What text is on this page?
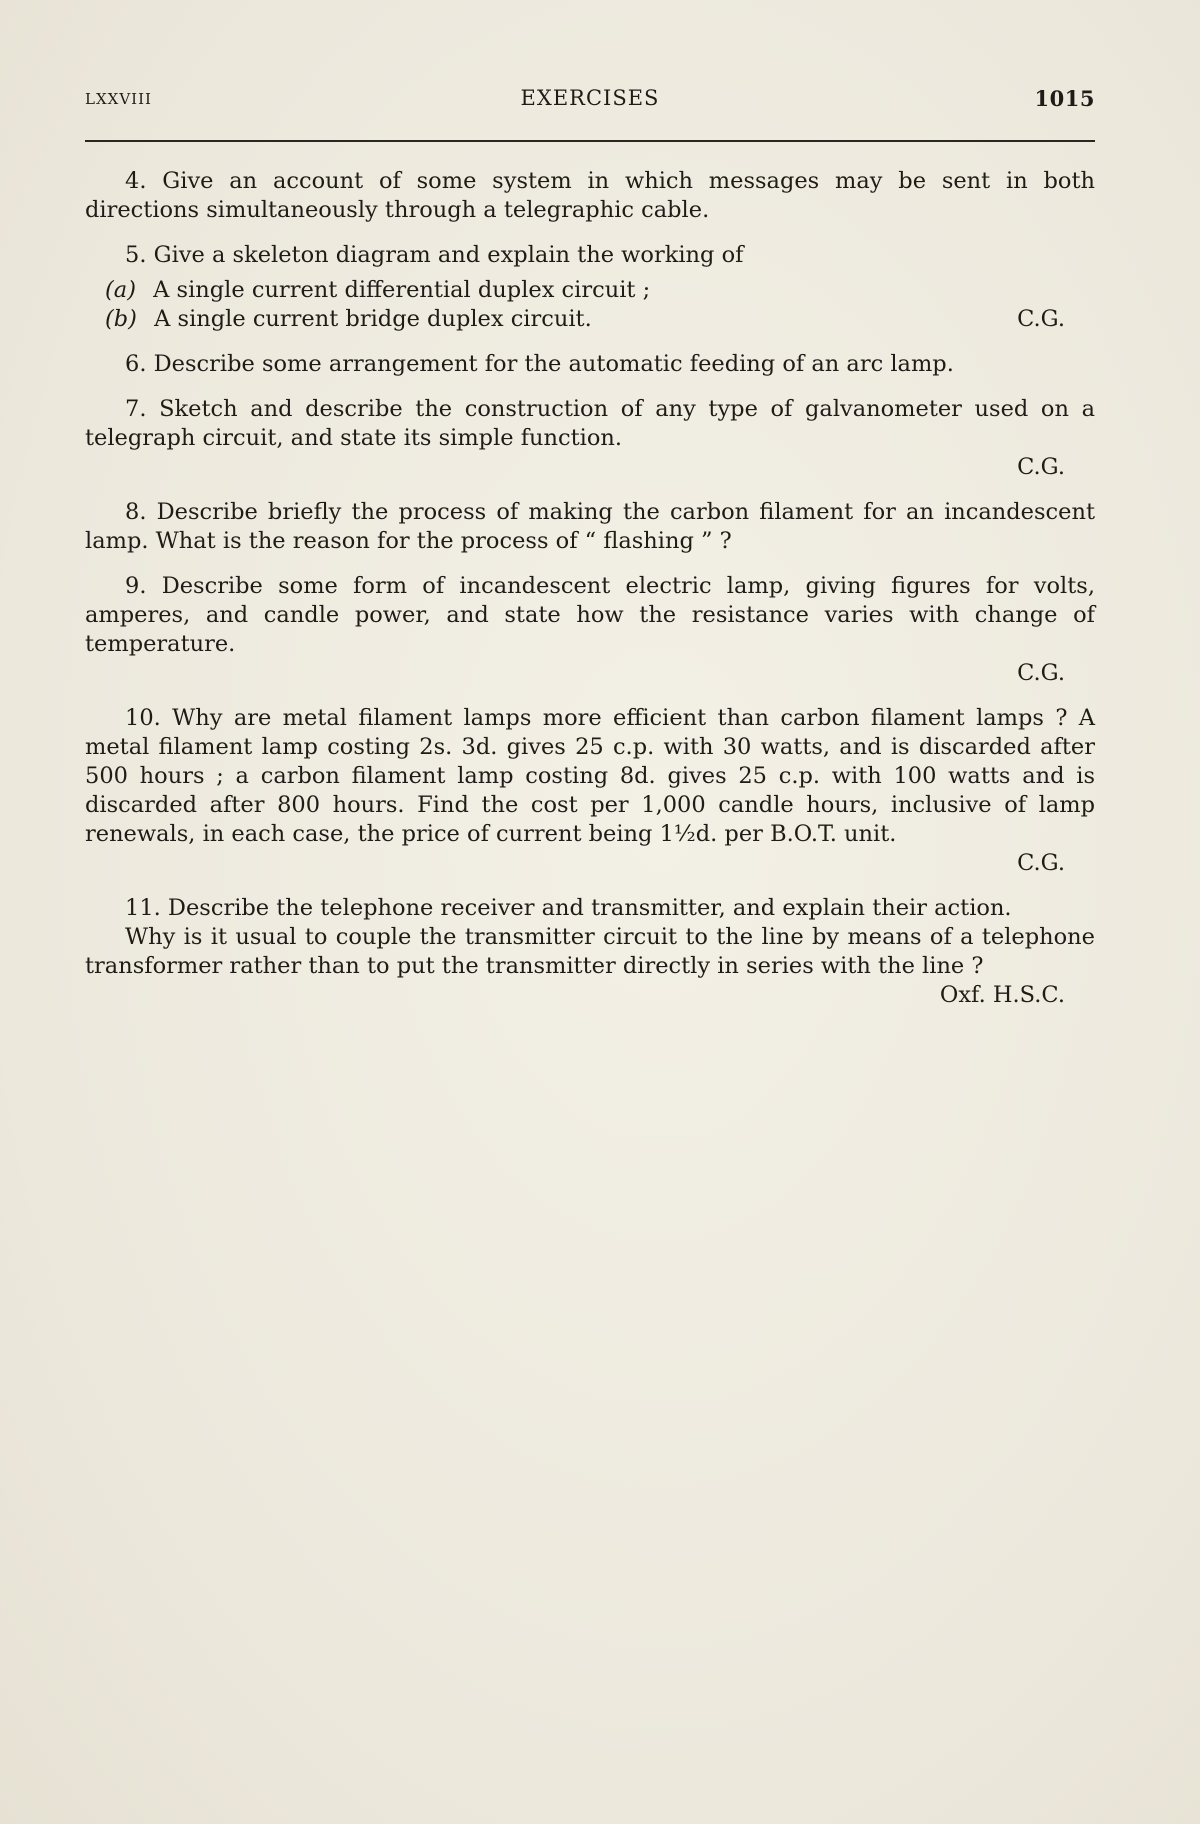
LXXVIII	EXERCISES	1015

4. Give an account of some system in which messages may be sent in both directions simultaneously through a telegraphic cable.

5. Give a skeleton diagram and explain the working of

(a) A single current differential duplex circuit ;
(b) A single current bridge duplex circuit.	C.G.

6. Describe some arrangement for the automatic feeding of an arc lamp.

7. Sketch and describe the construction of any type of galvanometer used on a telegraph circuit, and state its simple function.

C.G.

8. Describe briefly the process of making the carbon filament for an incandescent lamp. What is the reason for the process of “ flashing ” ?

9. Describe some form of incandescent electric lamp, giving figures for volts, amperes, and candle power, and state how the resistance varies with change of temperature.

C.G.

10. Why are metal filament lamps more efficient than carbon filament lamps ? A metal filament lamp costing 2s. 3d. gives 25 c.p. with 30 watts, and is discarded after 500 hours ; a carbon filament lamp costing 8d. gives 25 c.p. with 100 watts and is discarded after 800 hours. Find the cost per 1,000 candle hours, inclusive of lamp renewals, in each case, the price of current being 1½d. per B.O.T. unit.

C.G.

11. Describe the telephone receiver and transmitter, and explain their action.

Why is it usual to couple the transmitter circuit to the line by means of a telephone transformer rather than to put the transmitter directly in series with the line ?

Oxf. H.S.C.
